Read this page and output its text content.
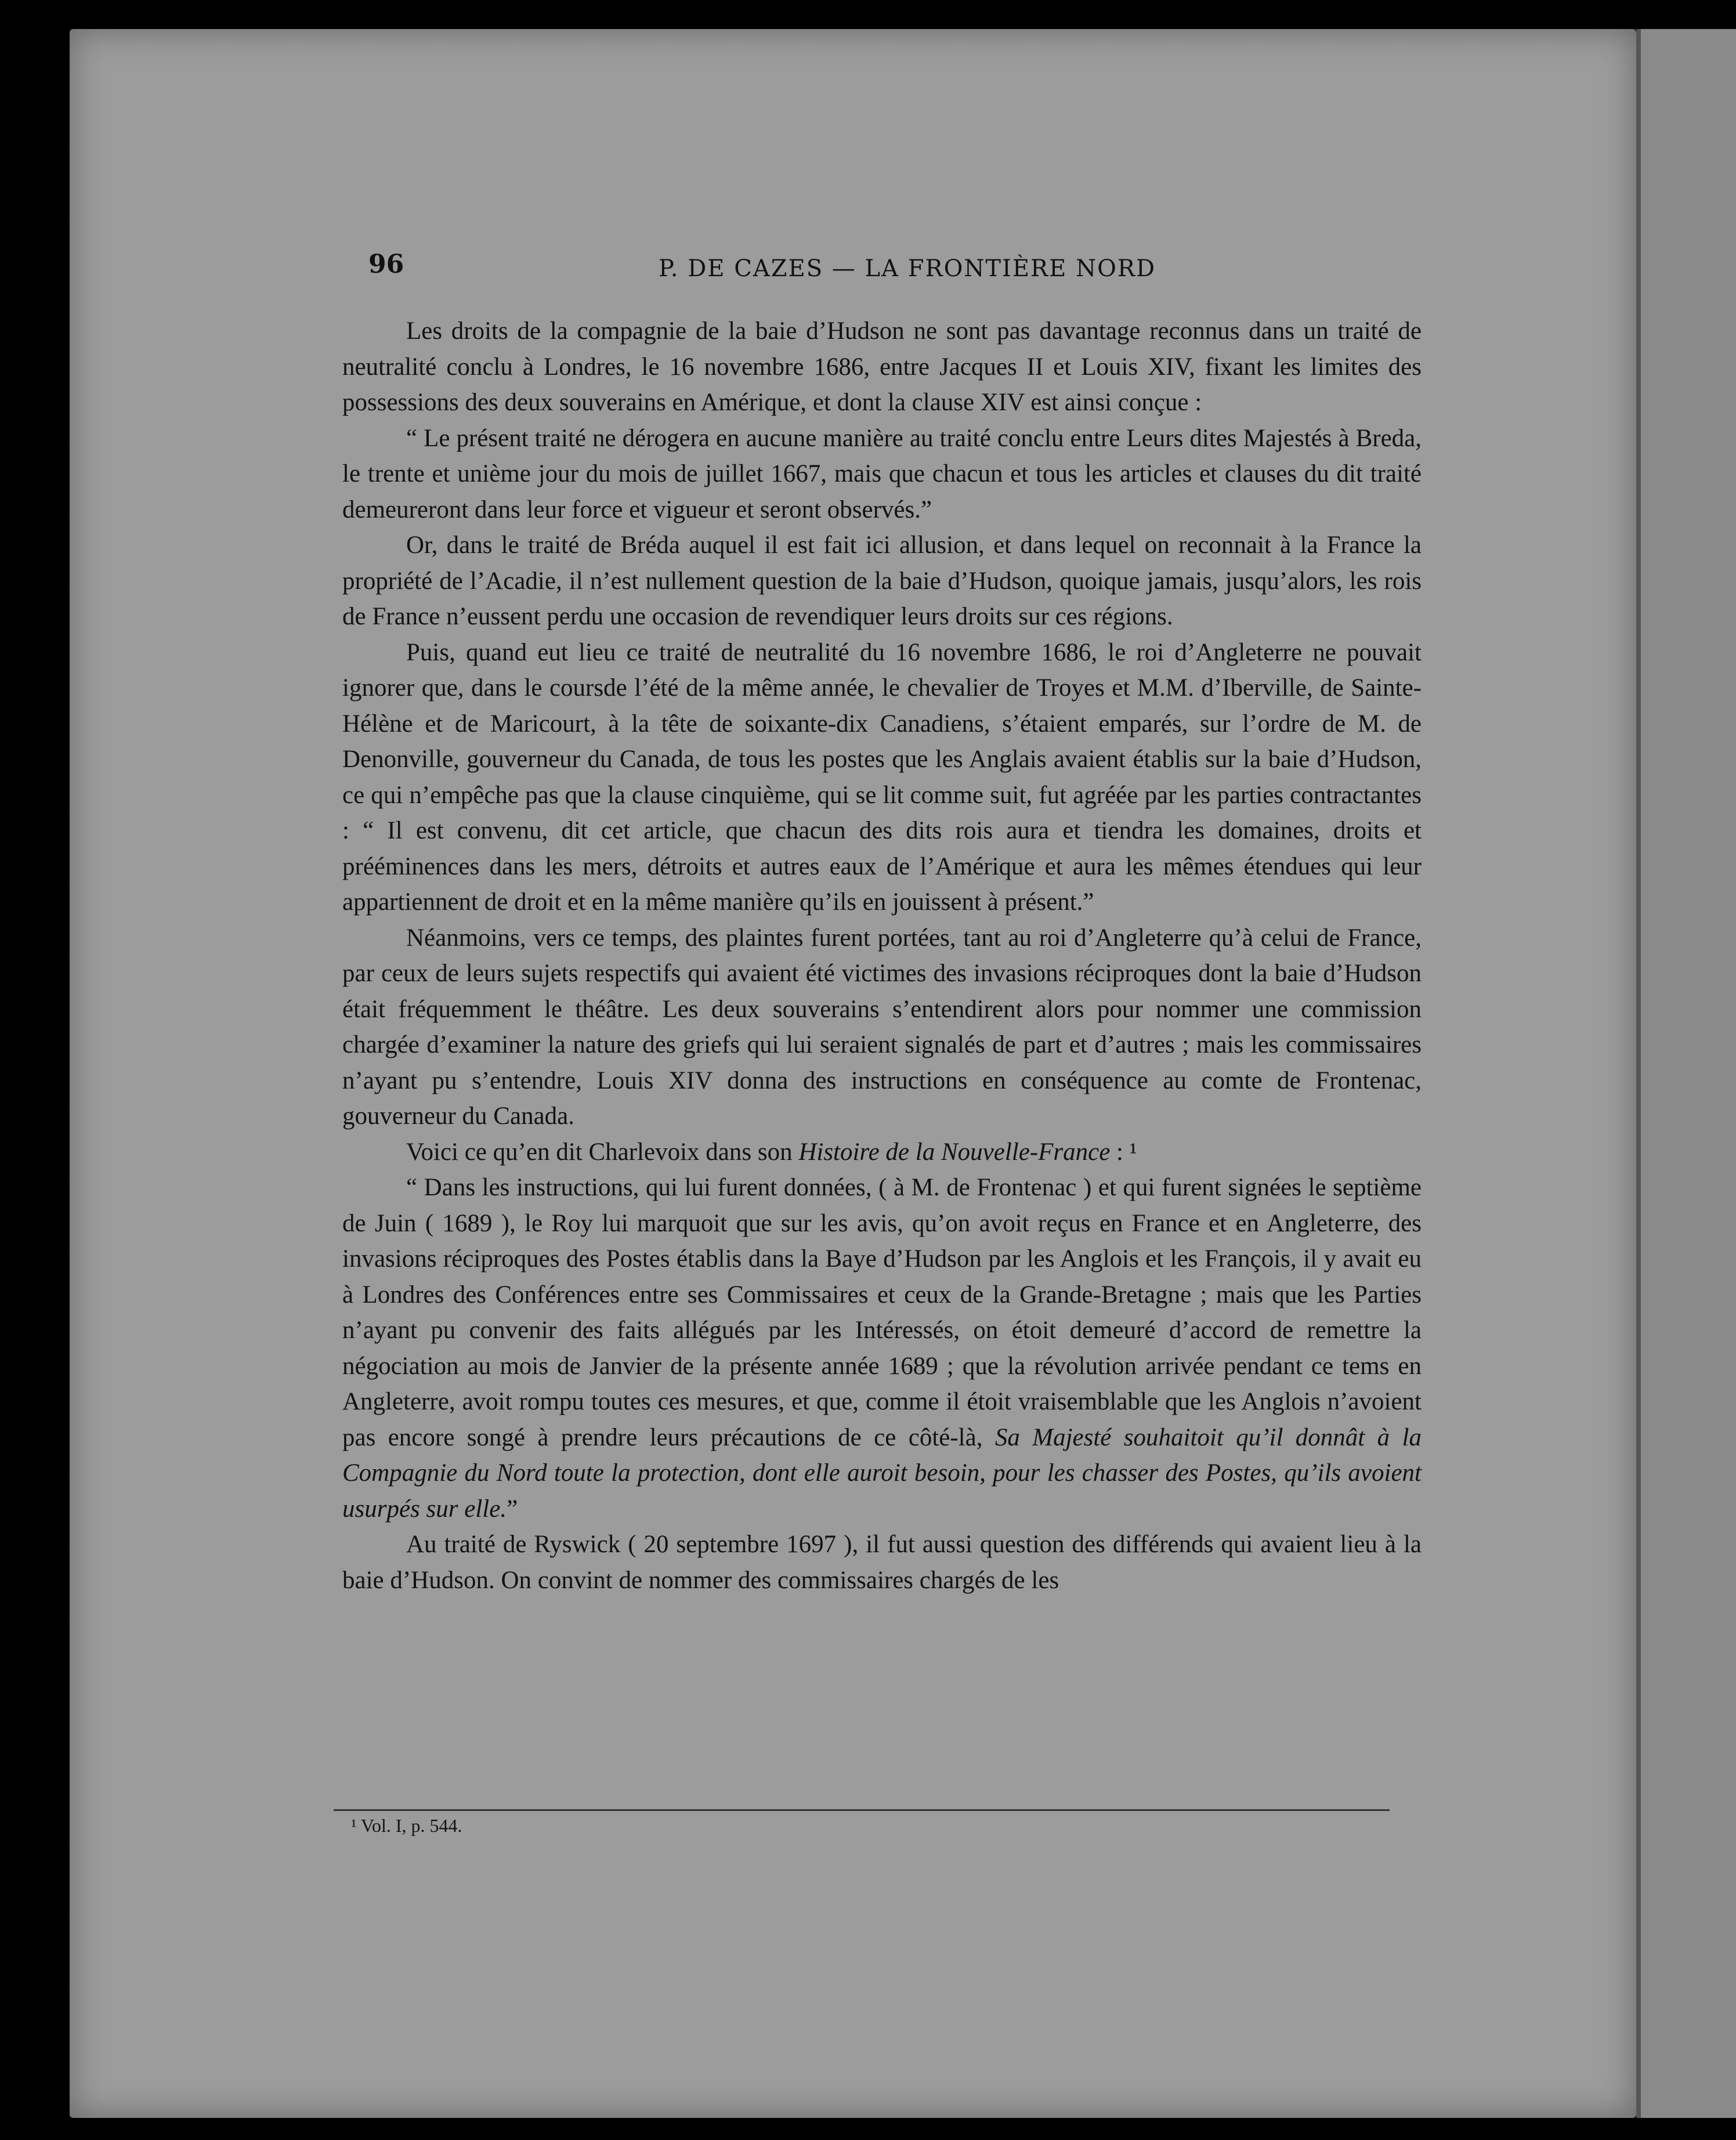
96	P. DE CAZES — LA FRONTIÈRE NORD

Les droits de la compagnie de la baie d’Hudson ne sont pas davantage reconnus dans un traité de neutralité conclu à Londres, le 16 novembre 1686, entre Jacques II et Louis XIV, fixant les limites des possessions des deux souverains en Amérique, et dont la clause XIV est ainsi conçue :

“ Le présent traité ne dérogera en aucune manière au traité conclu entre Leurs dites Majestés à Breda, le trente et unième jour du mois de juillet 1667, mais que chacun et tous les articles et clauses du dit traité demeureront dans leur force et vigueur et seront observés.”

Or, dans le traité de Bréda auquel il est fait ici allusion, et dans lequel on reconnait à la France la propriété de l’Acadie, il n’est nullement question de la baie d’Hudson, quoique jamais, jusqu’alors, les rois de France n’eussent perdu une occasion de revendiquer leurs droits sur ces régions.

Puis, quand eut lieu ce traité de neutralité du 16 novembre 1686, le roi d’Angleterre ne pouvait ignorer que, dans le coursde l’été de la même année, le chevalier de Troyes et M.M. d’Iberville, de Sainte-Hélène et de Maricourt, à la tête de soixante-dix Canadiens, s’étaient emparés, sur l’ordre de M. de Denonville, gouverneur du Canada, de tous les postes que les Anglais avaient établis sur la baie d’Hudson, ce qui n’empêche pas que la clause cinquième, qui se lit comme suit, fut agréée par les parties contractantes : “ Il est convenu, dit cet article, que chacun des dits rois aura et tiendra les domaines, droits et prééminences dans les mers, détroits et autres eaux de l’Amérique et aura les mêmes étendues qui leur appartiennent de droit et en la même manière qu’ils en jouissent à présent.”

Néanmoins, vers ce temps, des plaintes furent portées, tant au roi d’Angleterre qu’à celui de France, par ceux de leurs sujets respectifs qui avaient été victimes des invasions réciproques dont la baie d’Hudson était fréquemment le théâtre. Les deux souverains s’entendirent alors pour nommer une commission chargée d’examiner la nature des griefs qui lui seraient signalés de part et d’autres ; mais les commissaires n’ayant pu s’entendre, Louis XIV donna des instructions en conséquence au comte de Frontenac, gouverneur du Canada.

Voici ce qu’en dit Charlevoix dans son Histoire de la Nouvelle-France : ¹

“ Dans les instructions, qui lui furent données, ( à M. de Frontenac ) et qui furent signées le septième de Juin ( 1689 ), le Roy lui marquoit que sur les avis, qu’on avoit reçus en France et en Angleterre, des invasions réciproques des Postes établis dans la Baye d’Hudson par les Anglois et les François, il y avait eu à Londres des Conférences entre ses Commissaires et ceux de la Grande-Bretagne ; mais que les Parties n’ayant pu convenir des faits allégués par les Intéressés, on étoit demeuré d’accord de remettre la négociation au mois de Janvier de la présente année 1689 ; que la révolution arrivée pendant ce tems en Angleterre, avoit rompu toutes ces mesures, et que, comme il étoit vraisemblable que les Anglois n’avoient pas encore songé à prendre leurs précautions de ce côté-là, Sa Majesté souhaitoit qu’il donnât à la Compagnie du Nord toute la protection, dont elle auroit besoin, pour les chasser des Postes, qu’ils avoient usurpés sur elle.”

Au traité de Ryswick ( 20 septembre 1697 ), il fut aussi question des différends qui avaient lieu à la baie d’Hudson. On convint de nommer des commissaires chargés de les

¹ Vol. I, p. 544.
